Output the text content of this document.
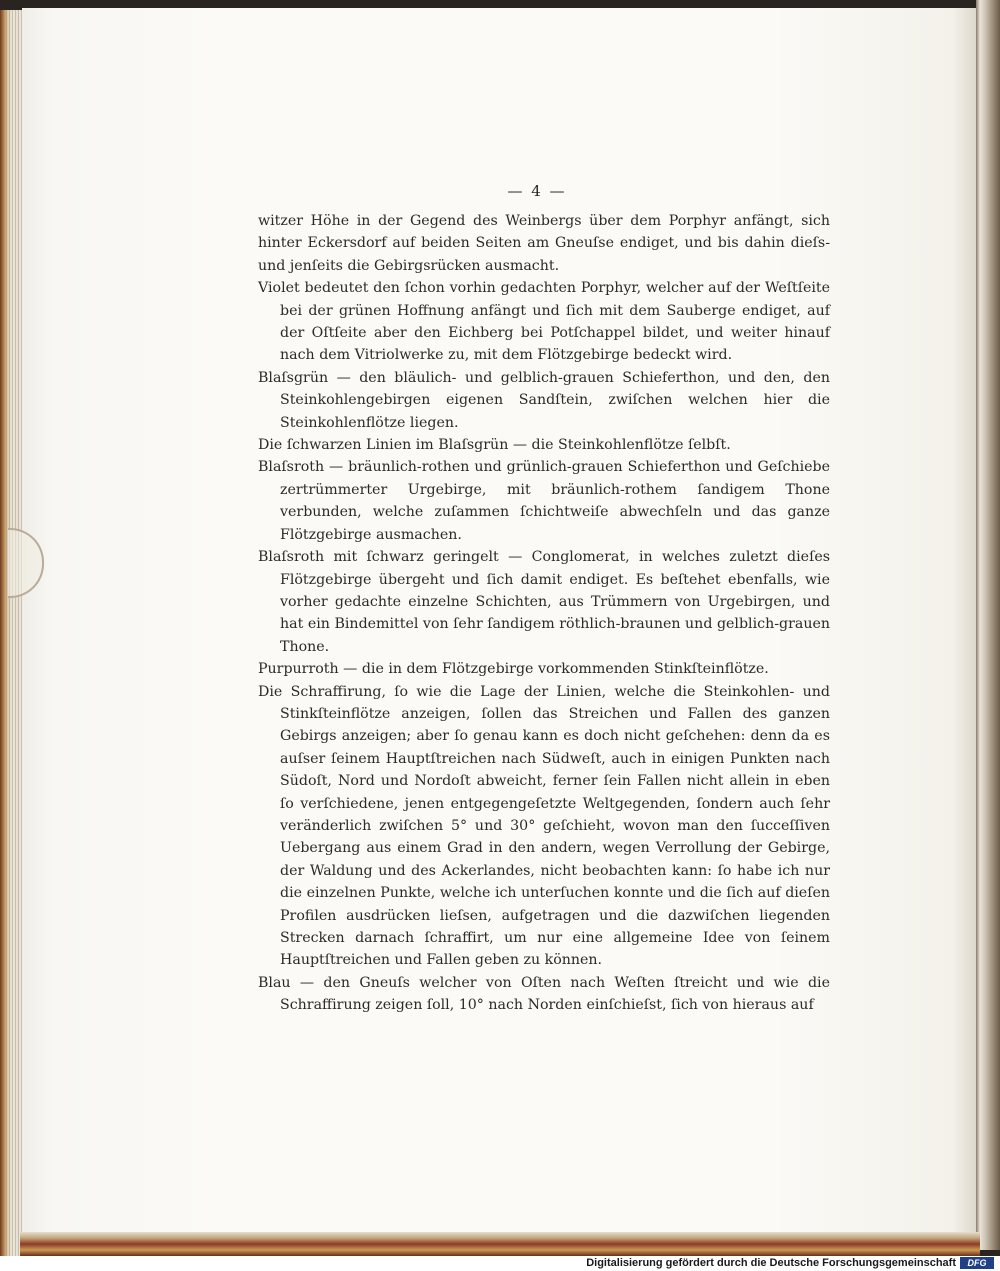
— 4 —

witzer Höhe in der Gegend des Weinbergs über dem Porphyr anfängt, sich hinter Eckersdorf auf beiden Seiten am Gneuſse endiget, und bis dahin dieſs- und jenſeits die Gebirgsrücken ausmacht.

Violet bedeutet den ſchon vorhin gedachten Porphyr, welcher auf der Weſtſeite bei der grünen Hoffnung anfängt und ſich mit dem Sauberge endiget, auf der Oſtſeite aber den Eichberg bei Potſchappel bildet, und weiter hinauf nach dem Vitriolwerke zu, mit dem Flötzgebirge bedeckt wird.

Blaſsgrün — den bläulich- und gelblich-grauen Schieferthon, und den, den Steinkohlengebirgen eigenen Sandſtein, zwiſchen welchen hier die Steinkohlenflötze liegen.

Die ſchwarzen Linien im Blaſsgrün — die Steinkohlenflötze ſelbſt.

Blaſsroth — bräunlich-rothen und grünlich-grauen Schieferthon und Geſchiebe zertrümmerter Urgebirge, mit bräunlich-rothem ſandigem Thone verbunden, welche zuſammen ſchichtweiſe abwechſeln und das ganze Flötzgebirge ausmachen.

Blaſsroth mit ſchwarz geringelt — Conglomerat, in welches zuletzt dieſes Flötzgebirge übergeht und ſich damit endiget. Es beſtehet ebenfalls, wie vorher gedachte einzelne Schichten, aus Trümmern von Urgebirgen, und hat ein Bindemittel von ſehr ſandigem röthlich-braunen und gelblich-grauen Thone.

Purpurroth — die in dem Flötzgebirge vorkommenden Stinkſteinflötze.

Die Schraffirung, ſo wie die Lage der Linien, welche die Steinkohlen- und Stinkſteinflötze anzeigen, ſollen das Streichen und Fallen des ganzen Gebirgs anzeigen; aber ſo genau kann es doch nicht geſchehen: denn da es auſser ſeinem Hauptſtreichen nach Südweſt, auch in einigen Punkten nach Südoſt, Nord und Nordoſt abweicht, ferner ſein Fallen nicht allein in eben ſo verſchiedene, jenen entgegengeſetzte Weltgegenden, ſondern auch ſehr veränderlich zwiſchen 5° und 30° geſchieht, wovon man den ſucceſſiven Uebergang aus einem Grad in den andern, wegen Verrollung der Gebirge, der Waldung und des Ackerlandes, nicht beobachten kann: ſo habe ich nur die einzelnen Punkte, welche ich unterſuchen konnte und die ſich auf dieſen Profilen ausdrücken lieſsen, aufgetragen und die dazwiſchen liegenden Strecken darnach ſchraffirt, um nur eine allgemeine Idee von ſeinem Hauptſtreichen und Fallen geben zu können.

Blau — den Gneuſs welcher von Oſten nach Weſten ſtreicht und wie die Schraffirung zeigen ſoll, 10° nach Norden einſchieſst, ſich von hieraus auf

Digitalisierung gefördert durch die Deutsche Forschungsgemeinschaft	DFG
